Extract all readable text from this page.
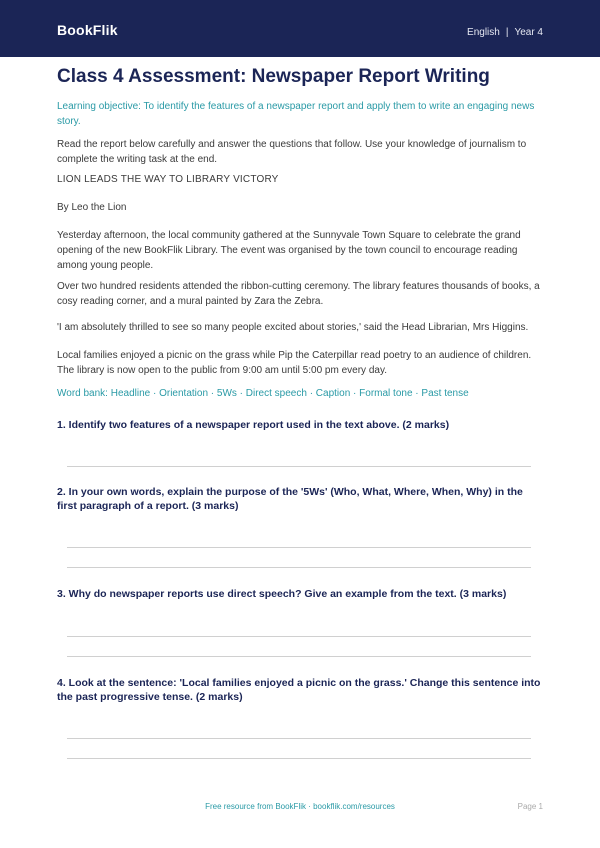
BookFlik	English | Year 4
Class 4 Assessment: Newspaper Report Writing

Learning objective: To identify the features of a newspaper report and apply them to write an engaging news story.

Read the report below carefully and answer the questions that follow. Use your knowledge of journalism to complete the writing task at the end.

LION LEADS THE WAY TO LIBRARY VICTORY

By Leo the Lion

Yesterday afternoon, the local community gathered at the Sunnyvale Town Square to celebrate the grand opening of the new BookFlik Library. The event was organised by the town council to encourage reading among young people.

Over two hundred residents attended the ribbon-cutting ceremony. The library features thousands of books, a cosy reading corner, and a mural painted by Zara the Zebra.

'I am absolutely thrilled to see so many people excited about stories,' said the Head Librarian, Mrs Higgins.

Local families enjoyed a picnic on the grass while Pip the Caterpillar read poetry to an audience of children. The library is now open to the public from 9:00 am until 5:00 pm every day.

Word bank: Headline · Orientation · 5Ws · Direct speech · Caption · Formal tone · Past tense

1. Identify two features of a newspaper report used in the text above. (2 marks)

2. In your own words, explain the purpose of the '5Ws' (Who, What, Where, When, Why) in the first paragraph of a report. (3 marks)

3. Why do newspaper reports use direct speech? Give an example from the text. (3 marks)

4. Look at the sentence: 'Local families enjoyed a picnic on the grass.' Change this sentence into the past progressive tense. (2 marks)

Free resource from BookFlik · bookflik.com/resources	Page 1
